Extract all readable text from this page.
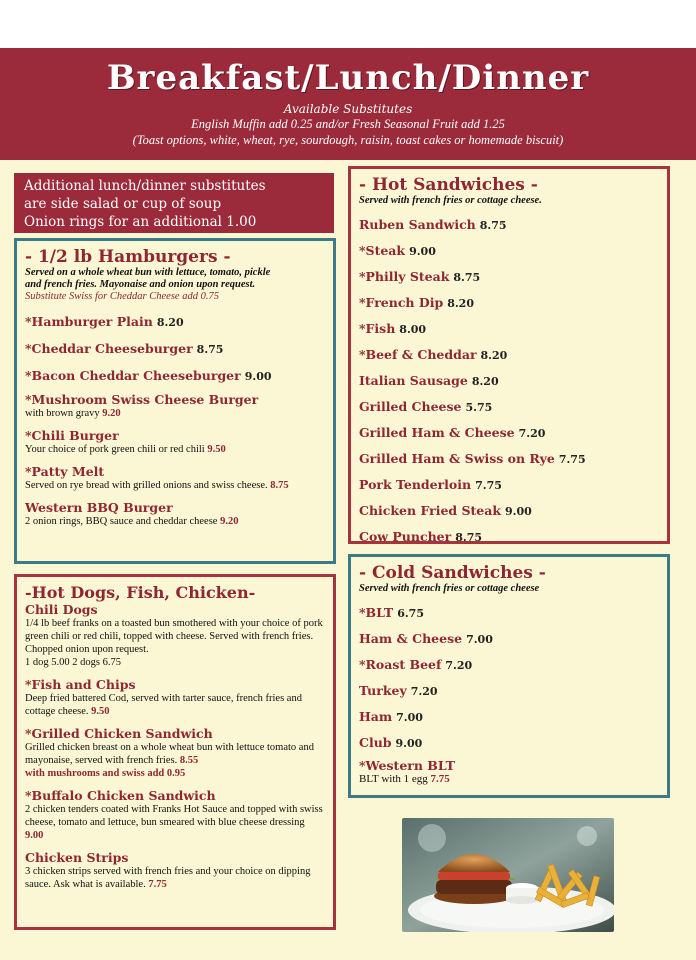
Breakfast/Lunch/Dinner
Available Substitutes
English Muffin add 0.25 and/or Fresh Seasonal Fruit add 1.25
(Toast options, white, wheat, rye, sourdough, raisin, toast cakes or homemade biscuit)
Additional lunch/dinner substitutes
are side salad or cup of soup
Onion rings for an additional 1.00
- 1/2 lb Hamburgers -
Served on a whole wheat bun with lettuce, tomato, pickle
and french fries. Mayonaise and onion upon request.
Substitute Swiss for Cheddar Cheese add 0.75
*Hamburger Plain 8.20
*Cheddar Cheeseburger 8.75
*Bacon Cheddar Cheeseburger 9.00
*Mushroom Swiss Cheese Burger
with brown gravy 9.20
*Chili Burger
Your choice of pork green chili or red chili 9.50
*Patty Melt
Served on rye bread with grilled onions and swiss cheese. 8.75
Western BBQ Burger
2 onion rings, BBQ sauce and cheddar cheese 9.20
-Hot Dogs, Fish, Chicken-
Chili Dogs
1/4 lb beef franks on a toasted bun smothered with your choice of pork green chili or red chili, topped with cheese. Served with french fries. Chopped onion upon request.
1 dog 5.00 2 dogs 6.75
*Fish and Chips
Deep fried battered Cod, served with tarter sauce, french fries and cottage cheese. 9.50
*Grilled Chicken Sandwich
Grilled chicken breast on a whole wheat bun with lettuce tomato and mayonaise, served with french fries. 8.55
with mushrooms and swiss add 0.95
*Buffalo Chicken Sandwich
2 chicken tenders coated with Franks Hot Sauce and topped with swiss cheese, tomato and lettuce, bun smeared with blue cheese dressing 9.00
Chicken Strips
3 chicken strips served with french fries and your choice on dipping sauce. Ask what is available. 7.75
- Hot Sandwiches -
Served with french fries or cottage cheese.
Ruben Sandwich 8.75
*Steak 9.00
*Philly Steak 8.75
*French Dip 8.20
*Fish 8.00
*Beef & Cheddar 8.20
Italian Sausage 8.20
Grilled Cheese 5.75
Grilled Ham & Cheese 7.20
Grilled Ham & Swiss on Rye 7.75
Pork Tenderloin 7.75
Chicken Fried Steak 9.00
Cow Puncher 8.75
- Cold Sandwiches -
Served with french fries or cottage cheese
*BLT 6.75
Ham & Cheese 7.00
*Roast Beef 7.20
Turkey 7.20
Ham 7.00
Club 9.00
*Western BLT
BLT with 1 egg 7.75
